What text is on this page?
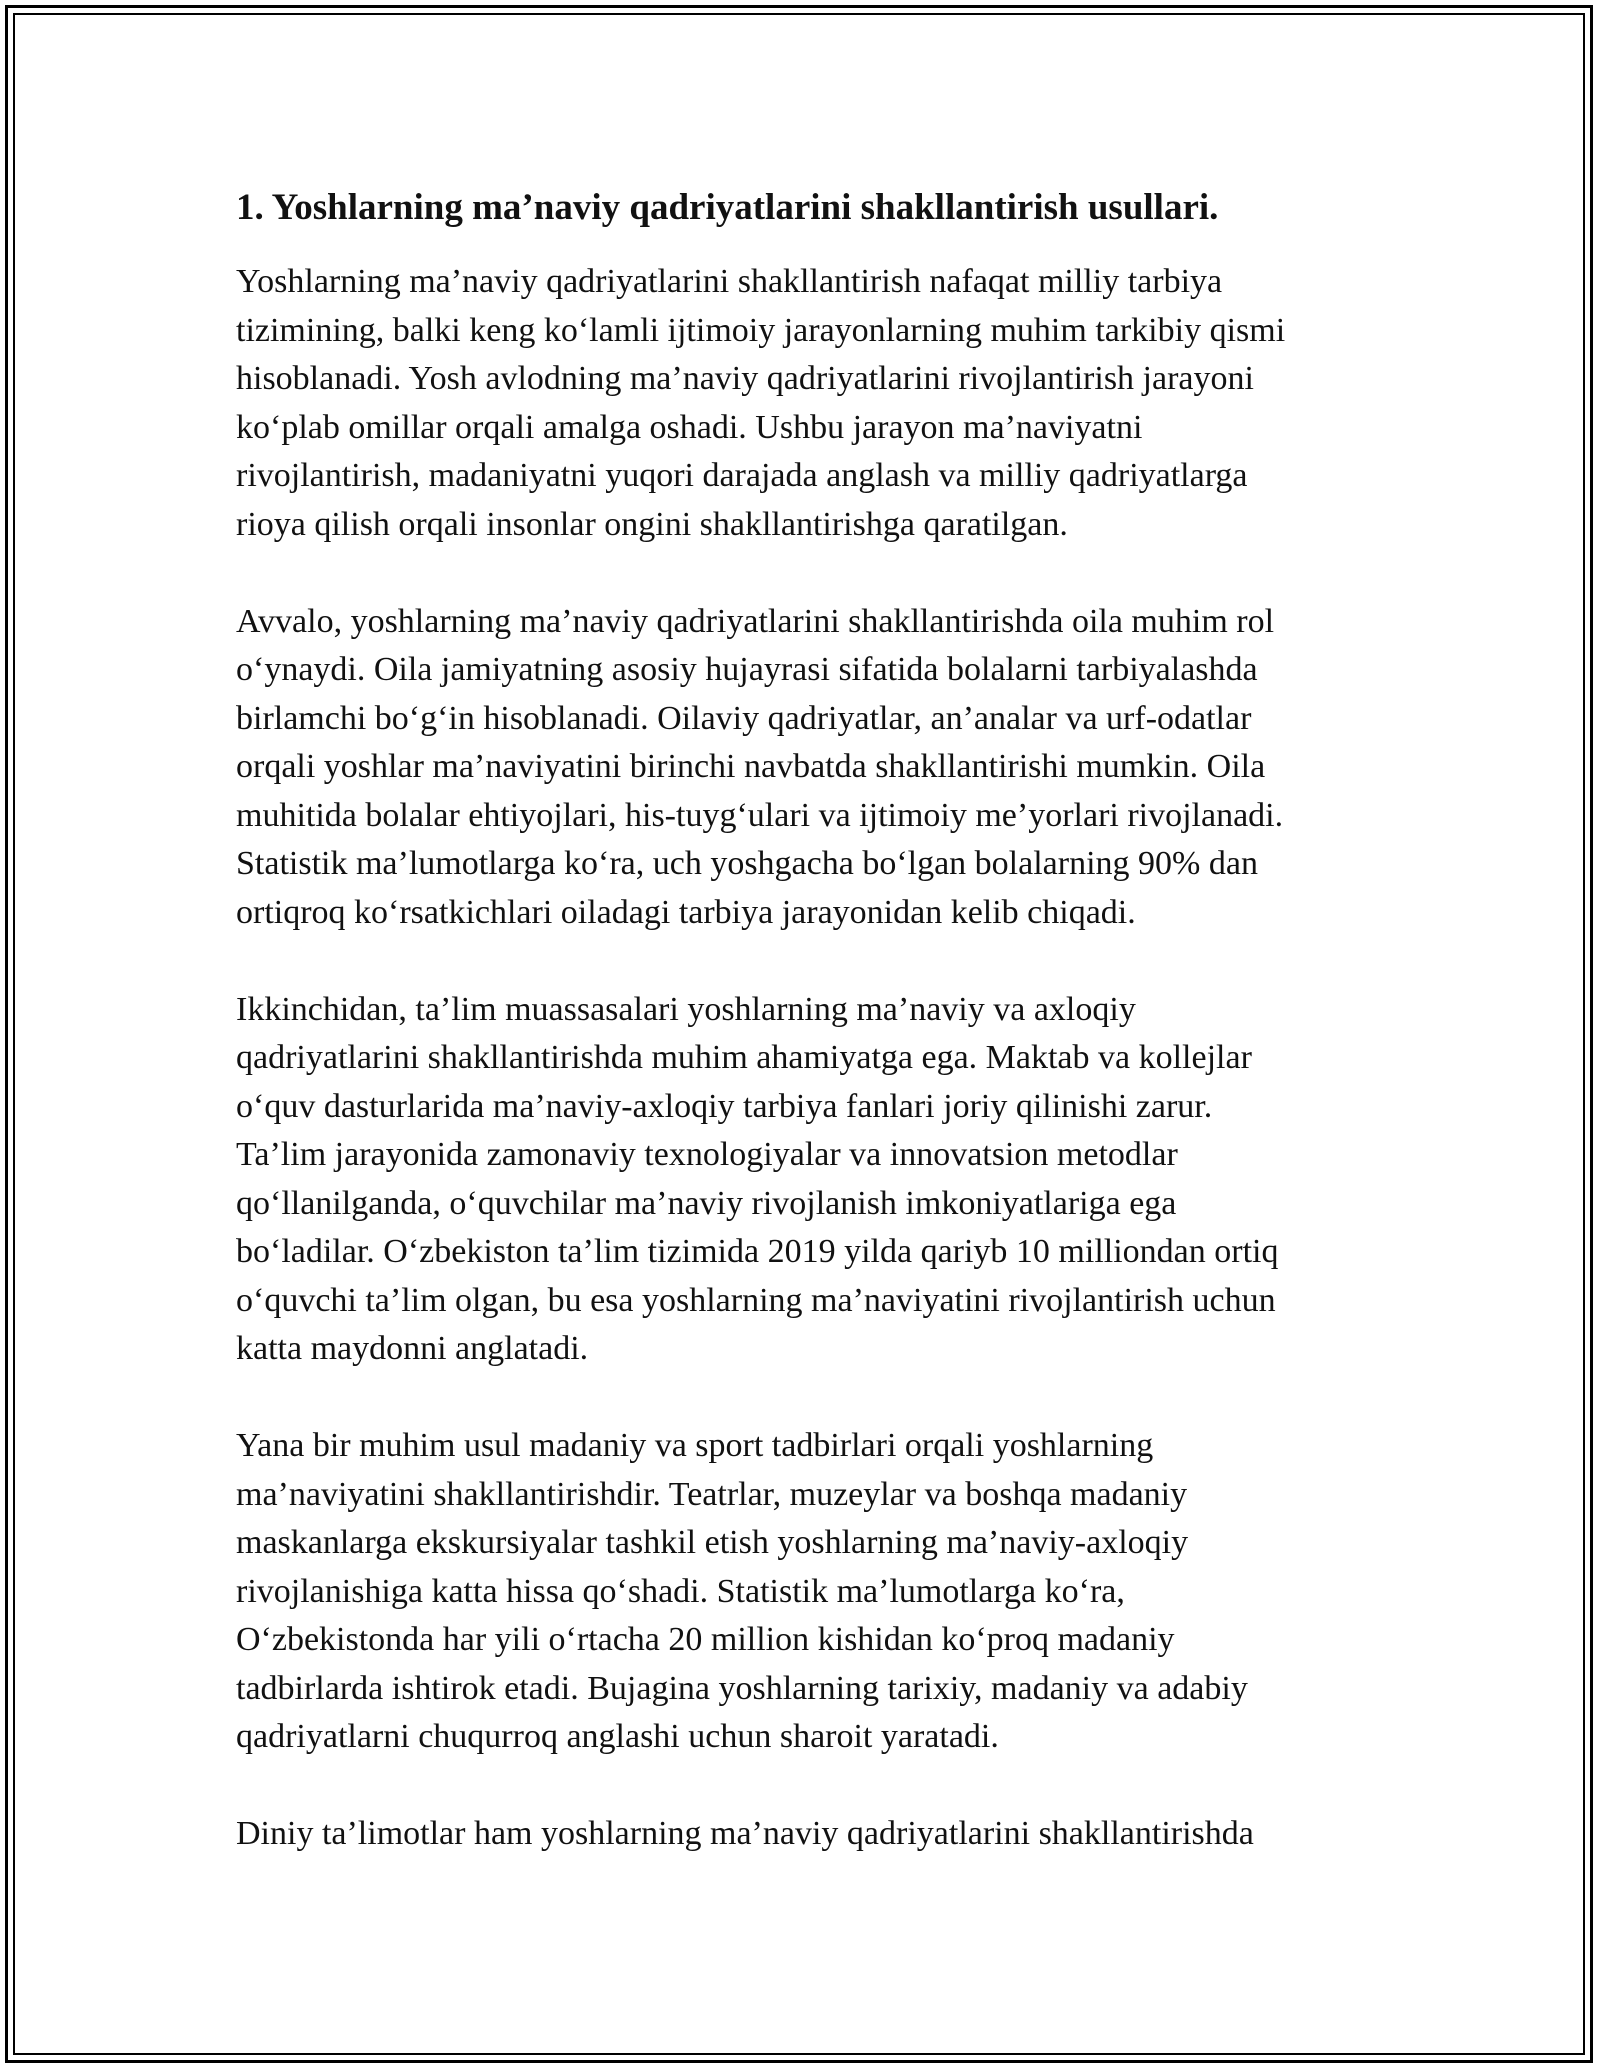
1. Yoshlarning ma’naviy qadriyatlarini shakllantirish usullari.

Yoshlarning ma’naviy qadriyatlarini shakllantirish nafaqat milliy tarbiya
tizimining, balki keng ko‘lamli ijtimoiy jarayonlarning muhim tarkibiy qismi
hisoblanadi. Yosh avlodning ma’naviy qadriyatlarini rivojlantirish jarayoni
ko‘plab omillar orqali amalga oshadi. Ushbu jarayon ma’naviyatni
rivojlantirish, madaniyatni yuqori darajada anglash va milliy qadriyatlarga
rioya qilish orqali insonlar ongini shakllantirishga qaratilgan.

Avvalo, yoshlarning ma’naviy qadriyatlarini shakllantirishda oila muhim rol
o‘ynaydi. Oila jamiyatning asosiy hujayrasi sifatida bolalarni tarbiyalashda
birlamchi bo‘g‘in hisoblanadi. Oilaviy qadriyatlar, an’analar va urf-odatlar
orqali yoshlar ma’naviyatini birinchi navbatda shakllantirishi mumkin. Oila
muhitida bolalar ehtiyojlari, his-tuyg‘ulari va ijtimoiy me’yorlari rivojlanadi.
Statistik ma’lumotlarga ko‘ra, uch yoshgacha bo‘lgan bolalarning 90% dan
ortiqroq ko‘rsatkichlari oiladagi tarbiya jarayonidan kelib chiqadi.

Ikkinchidan, ta’lim muassasalari yoshlarning ma’naviy va axloqiy
qadriyatlarini shakllantirishda muhim ahamiyatga ega. Maktab va kollejlar
o‘quv dasturlarida ma’naviy-axloqiy tarbiya fanlari joriy qilinishi zarur.
Ta’lim jarayonida zamonaviy texnologiyalar va innovatsion metodlar
qo‘llanilganda, o‘quvchilar ma’naviy rivojlanish imkoniyatlariga ega
bo‘ladilar. O‘zbekiston ta’lim tizimida 2019 yilda qariyb 10 milliondan ortiq
o‘quvchi ta’lim olgan, bu esa yoshlarning ma’naviyatini rivojlantirish uchun
katta maydonni anglatadi.

Yana bir muhim usul madaniy va sport tadbirlari orqali yoshlarning
ma’naviyatini shakllantirishdir. Teatrlar, muzeylar va boshqa madaniy
maskanlarga ekskursiyalar tashkil etish yoshlarning ma’naviy-axloqiy
rivojlanishiga katta hissa qo‘shadi. Statistik ma’lumotlarga ko‘ra,
O‘zbekistonda har yili o‘rtacha 20 million kishidan ko‘proq madaniy
tadbirlarda ishtirok etadi. Bujagina yoshlarning tarixiy, madaniy va adabiy
qadriyatlarni chuqurroq anglashi uchun sharoit yaratadi.

Diniy ta’limotlar ham yoshlarning ma’naviy qadriyatlarini shakllantirishda
